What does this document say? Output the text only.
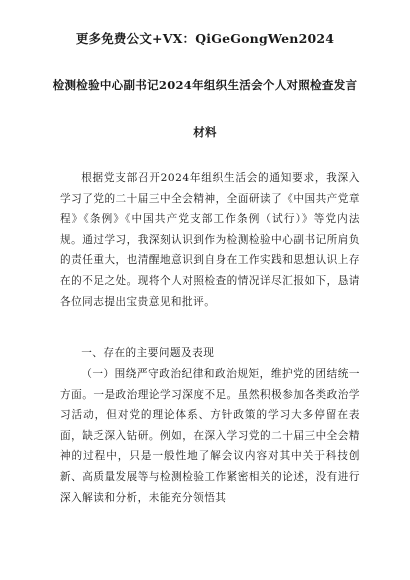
更多免费公文+VX：QiGeGongWen2024
检测检验中心副书记2024年组织生活会个人对照检查发言
材料

根据党支部召开2024年组织生活会的通知要求，我深入学习了党的二十届三中全会精神，全面研读了《中国共产党章程》《条例》《中国共产党支部工作条例（试行）》等党内法规。通过学习，我深刻认识到作为检测检验中心副书记所肩负的责任重大，也清醒地意识到自身在工作实践和思想认识上存在的不足之处。现将个人对照检查的情况详尽汇报如下，恳请各位同志提出宝贵意见和批评。

一、存在的主要问题及表现

（一）围绕严守政治纪律和政治规矩，维护党的团结统一方面。一是政治理论学习深度不足。虽然积极参加各类政治学习活动，但对党的理论体系、方针政策的学习大多停留在表面，缺乏深入钻研。例如，在深入学习党的二十届三中全会精神的过程中，只是一般性地了解会议内容对其中关于科技创新、高质量发展等与检测检验工作紧密相关的论述，没有进行深入解读和分析，未能充分领悟其
